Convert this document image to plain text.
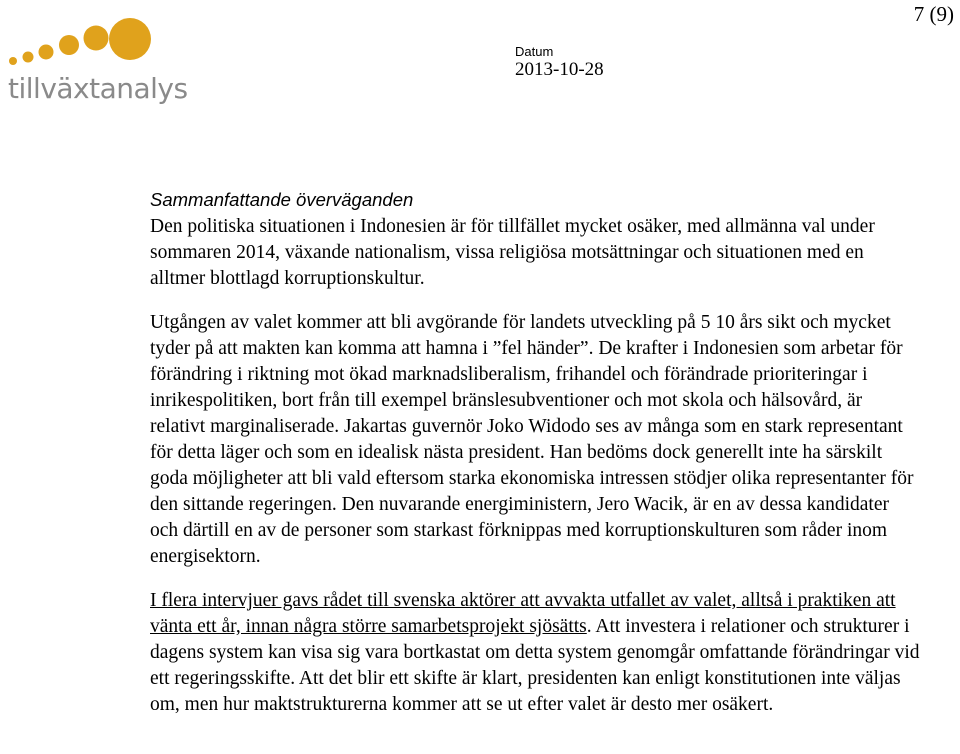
tillväxtanalys
7 (9)
Datum
2013-10-28
Sammanfattande överväganden

Den politiska situationen i Indonesien är för tillfället mycket osäker, med allmänna val under sommaren 2014, växande nationalism, vissa religiösa motsättningar och situationen med en alltmer blottlagd korruptionskultur.

Utgången av valet kommer att bli avgörande för landets utveckling på 5 10 års sikt och mycket tyder på att makten kan komma att hamna i ”fel händer”. De krafter i Indonesien som arbetar för förändring i riktning mot ökad marknadsliberalism, frihandel och förändrade prioriteringar i inrikespolitiken, bort från till exempel bränslesubventioner och mot skola och hälsovård, är relativt marginaliserade. Jakartas guvernör Joko Widodo ses av många som en stark representant för detta läger och som en idealisk nästa president. Han bedöms dock generellt inte ha särskilt goda möjligheter att bli vald eftersom starka ekonomiska intressen stödjer olika representanter för den sittande regeringen. Den nuvarande energiministern, Jero Wacik, är en av dessa kandidater och därtill en av de personer som starkast förknippas med korruptionskulturen som råder inom energisektorn.

I flera intervjuer gavs rådet till svenska aktörer att avvakta utfallet av valet, alltså i praktiken att vänta ett år, innan några större samarbetsprojekt sjösätts. Att investera i relationer och strukturer i dagens system kan visa sig vara bortkastat om detta system genomgår omfattande förändringar vid ett regeringsskifte. Att det blir ett skifte är klart, presidenten kan enligt konstitutionen inte väljas om, men hur maktstrukturerna kommer att se ut efter valet är desto mer osäkert.
